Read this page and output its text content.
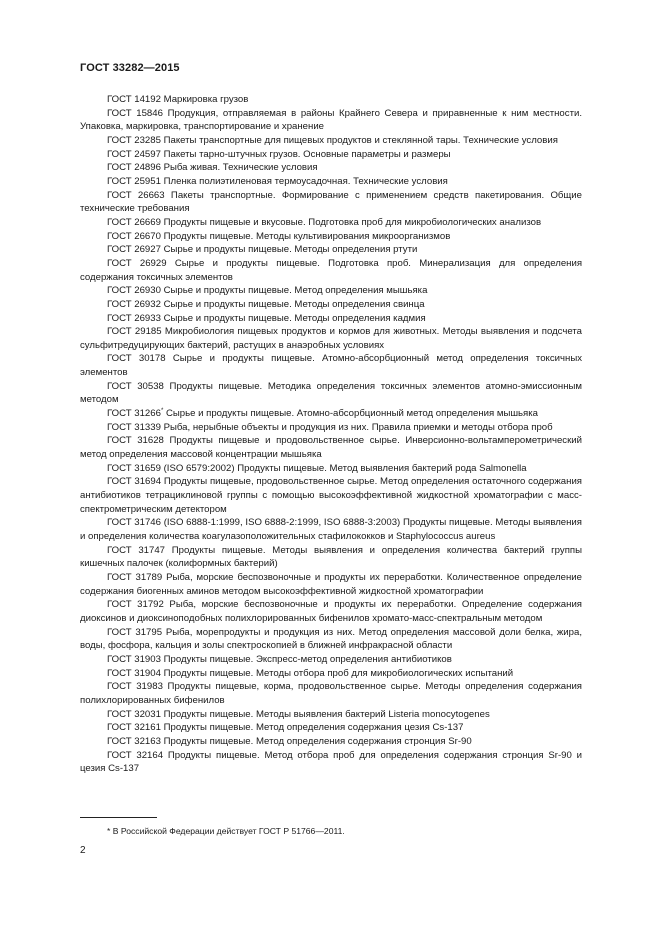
ГОСТ 33282—2015

ГОСТ 14192 Маркировка грузов

ГОСТ 15846 Продукция, отправляемая в районы Крайнего Севера и приравненные к ним местности. Упаковка, маркировка, транспортирование и хранение

ГОСТ 23285 Пакеты транспортные для пищевых продуктов и стеклянной тары. Технические условия

ГОСТ 24597 Пакеты тарно-штучных грузов. Основные параметры и размеры

ГОСТ 24896 Рыба живая. Технические условия

ГОСТ 25951 Пленка полиэтиленовая термоусадочная. Технические условия

ГОСТ 26663 Пакеты транспортные. Формирование с применением средств пакетирования. Общие технические требования

ГОСТ 26669 Продукты пищевые и вкусовые. Подготовка проб для микробиологических анализов

ГОСТ 26670 Продукты пищевые. Методы культивирования микроорганизмов

ГОСТ 26927 Сырье и продукты пищевые. Методы определения ртути

ГОСТ 26929 Сырье и продукты пищевые. Подготовка проб. Минерализация для определения содержания токсичных элементов

ГОСТ 26930 Сырье и продукты пищевые. Метод определения мышьяка

ГОСТ 26932 Сырье и продукты пищевые. Методы определения свинца

ГОСТ 26933 Сырье и продукты пищевые. Методы определения кадмия

ГОСТ 29185 Микробиология пищевых продуктов и кормов для животных. Методы выявления и подсчета сульфитредуцирующих бактерий, растущих в анаэробных условиях

ГОСТ 30178 Сырье и продукты пищевые. Атомно-абсорбционный метод определения токсичных элементов

ГОСТ 30538 Продукты пищевые. Методика определения токсичных элементов атомно-эмиссионным методом

ГОСТ 31266* Сырье и продукты пищевые. Атомно-абсорбционный метод определения мышьяка

ГОСТ 31339 Рыба, нерыбные объекты и продукция из них. Правила приемки и методы отбора проб

ГОСТ 31628 Продукты пищевые и продовольственное сырье. Инверсионно-вольтамперометрический метод определения массовой концентрации мышьяка

ГОСТ 31659 (ISO 6579:2002) Продукты пищевые. Метод выявления бактерий рода Salmonella

ГОСТ 31694 Продукты пищевые, продовольственное сырье. Метод определения остаточного содержания антибиотиков тетрациклиновой группы с помощью высокоэффективной жидкостной хроматографии с масс-спектрометрическим детектором

ГОСТ 31746 (ISO 6888-1:1999, ISO 6888-2:1999, ISO 6888-3:2003) Продукты пищевые. Методы выявления и определения количества коагулазоположительных стафилококков и Staphylococcus aureus

ГОСТ 31747 Продукты пищевые. Методы выявления и определения количества бактерий группы кишечных палочек (колиформных бактерий)

ГОСТ 31789 Рыба, морские беспозвоночные и продукты их переработки. Количественное определение содержания биогенных аминов методом высокоэффективной жидкостной хроматографии

ГОСТ 31792 Рыба, морские беспозвоночные и продукты их переработки. Определение содержания диоксинов и диоксиноподобных полихлорированных бифенилов хромато-масс-спектральным методом

ГОСТ 31795 Рыба, морепродукты и продукция из них. Метод определения массовой доли белка, жира, воды, фосфора, кальция и золы спектроскопией в ближней инфракрасной области

ГОСТ 31903 Продукты пищевые. Экспресс-метод определения антибиотиков

ГОСТ 31904 Продукты пищевые. Методы отбора проб для микробиологических испытаний

ГОСТ 31983 Продукты пищевые, корма, продовольственное сырье. Методы определения содержания полихлорированных бифенилов

ГОСТ 32031 Продукты пищевые. Методы выявления бактерий Listeria monocytogenes

ГОСТ 32161 Продукты пищевые. Метод определения содержания цезия Cs-137

ГОСТ 32163 Продукты пищевые. Метод определения содержания стронция Sr-90

ГОСТ 32164 Продукты пищевые. Метод отбора проб для определения содержания стронция Sr-90 и цезия Cs-137

* В Российской Федерации действует ГОСТ Р 51766—2011.
2
